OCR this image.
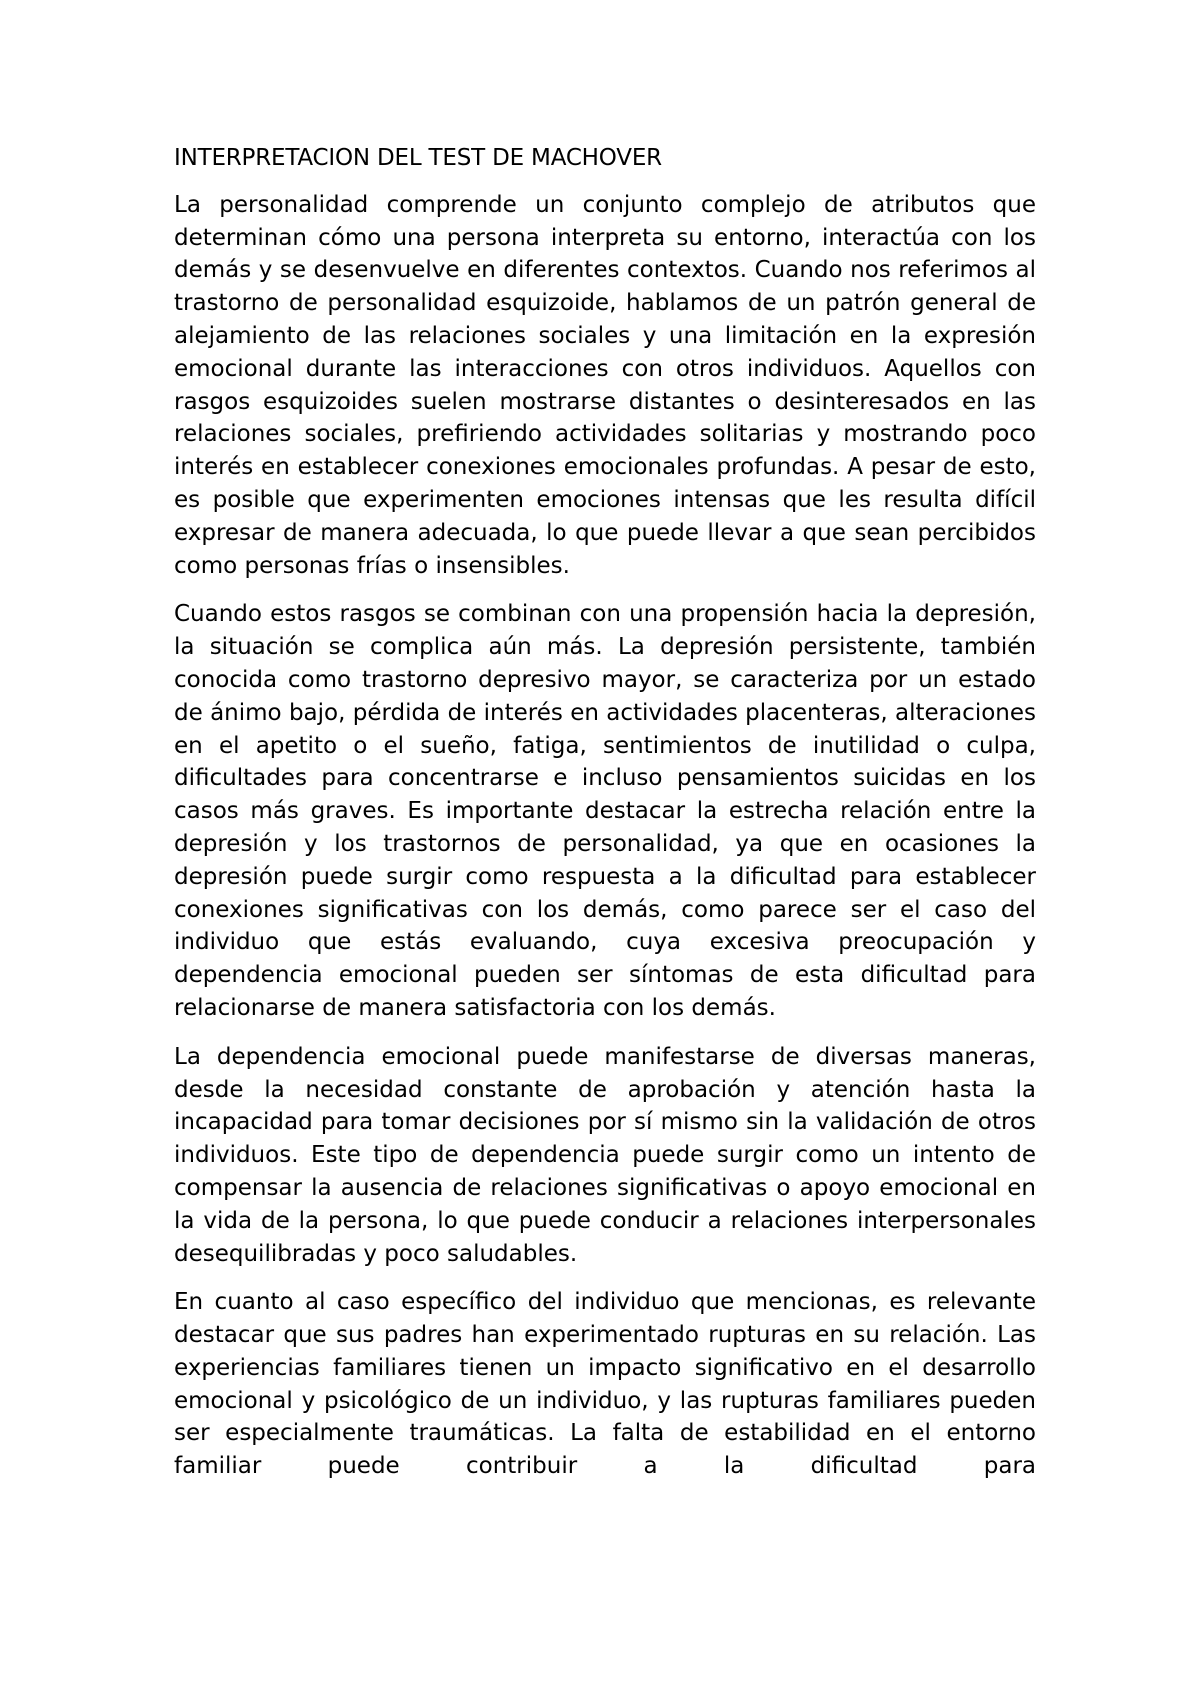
INTERPRETACION DEL TEST DE MACHOVER

La personalidad comprende un conjunto complejo de atributos que determinan cómo una persona interpreta su entorno, interactúa con los demás y se desenvuelve en diferentes contextos. Cuando nos referimos al trastorno de personalidad esquizoide, hablamos de un patrón general de alejamiento de las relaciones sociales y una limitación en la expresión emocional durante las interacciones con otros individuos. Aquellos con rasgos esquizoides suelen mostrarse distantes o desinteresados en las relaciones sociales, prefiriendo actividades solitarias y mostrando poco interés en establecer conexiones emocionales profundas. A pesar de esto, es posible que experimenten emociones intensas que les resulta difícil expresar de manera adecuada, lo que puede llevar a que sean percibidos como personas frías o insensibles.

Cuando estos rasgos se combinan con una propensión hacia la depresión, la situación se complica aún más. La depresión persistente, también conocida como trastorno depresivo mayor, se caracteriza por un estado de ánimo bajo, pérdida de interés en actividades placenteras, alteraciones en el apetito o el sueño, fatiga, sentimientos de inutilidad o culpa, dificultades para concentrarse e incluso pensamientos suicidas en los casos más graves. Es importante destacar la estrecha relación entre la depresión y los trastornos de personalidad, ya que en ocasiones la depresión puede surgir como respuesta a la dificultad para establecer conexiones significativas con los demás, como parece ser el caso del individuo que estás evaluando, cuya excesiva preocupación y dependencia emocional pueden ser síntomas de esta dificultad para relacionarse de manera satisfactoria con los demás.

La dependencia emocional puede manifestarse de diversas maneras, desde la necesidad constante de aprobación y atención hasta la incapacidad para tomar decisiones por sí mismo sin la validación de otros individuos. Este tipo de dependencia puede surgir como un intento de compensar la ausencia de relaciones significativas o apoyo emocional en la vida de la persona, lo que puede conducir a relaciones interpersonales desequilibradas y poco saludables.

En cuanto al caso específico del individuo que mencionas, es relevante destacar que sus padres han experimentado rupturas en su relación. Las experiencias familiares tienen un impacto significativo en el desarrollo emocional y psicológico de un individuo, y las rupturas familiares pueden ser especialmente traumáticas. La falta de estabilidad en el entorno familiar puede contribuir a la dificultad para
